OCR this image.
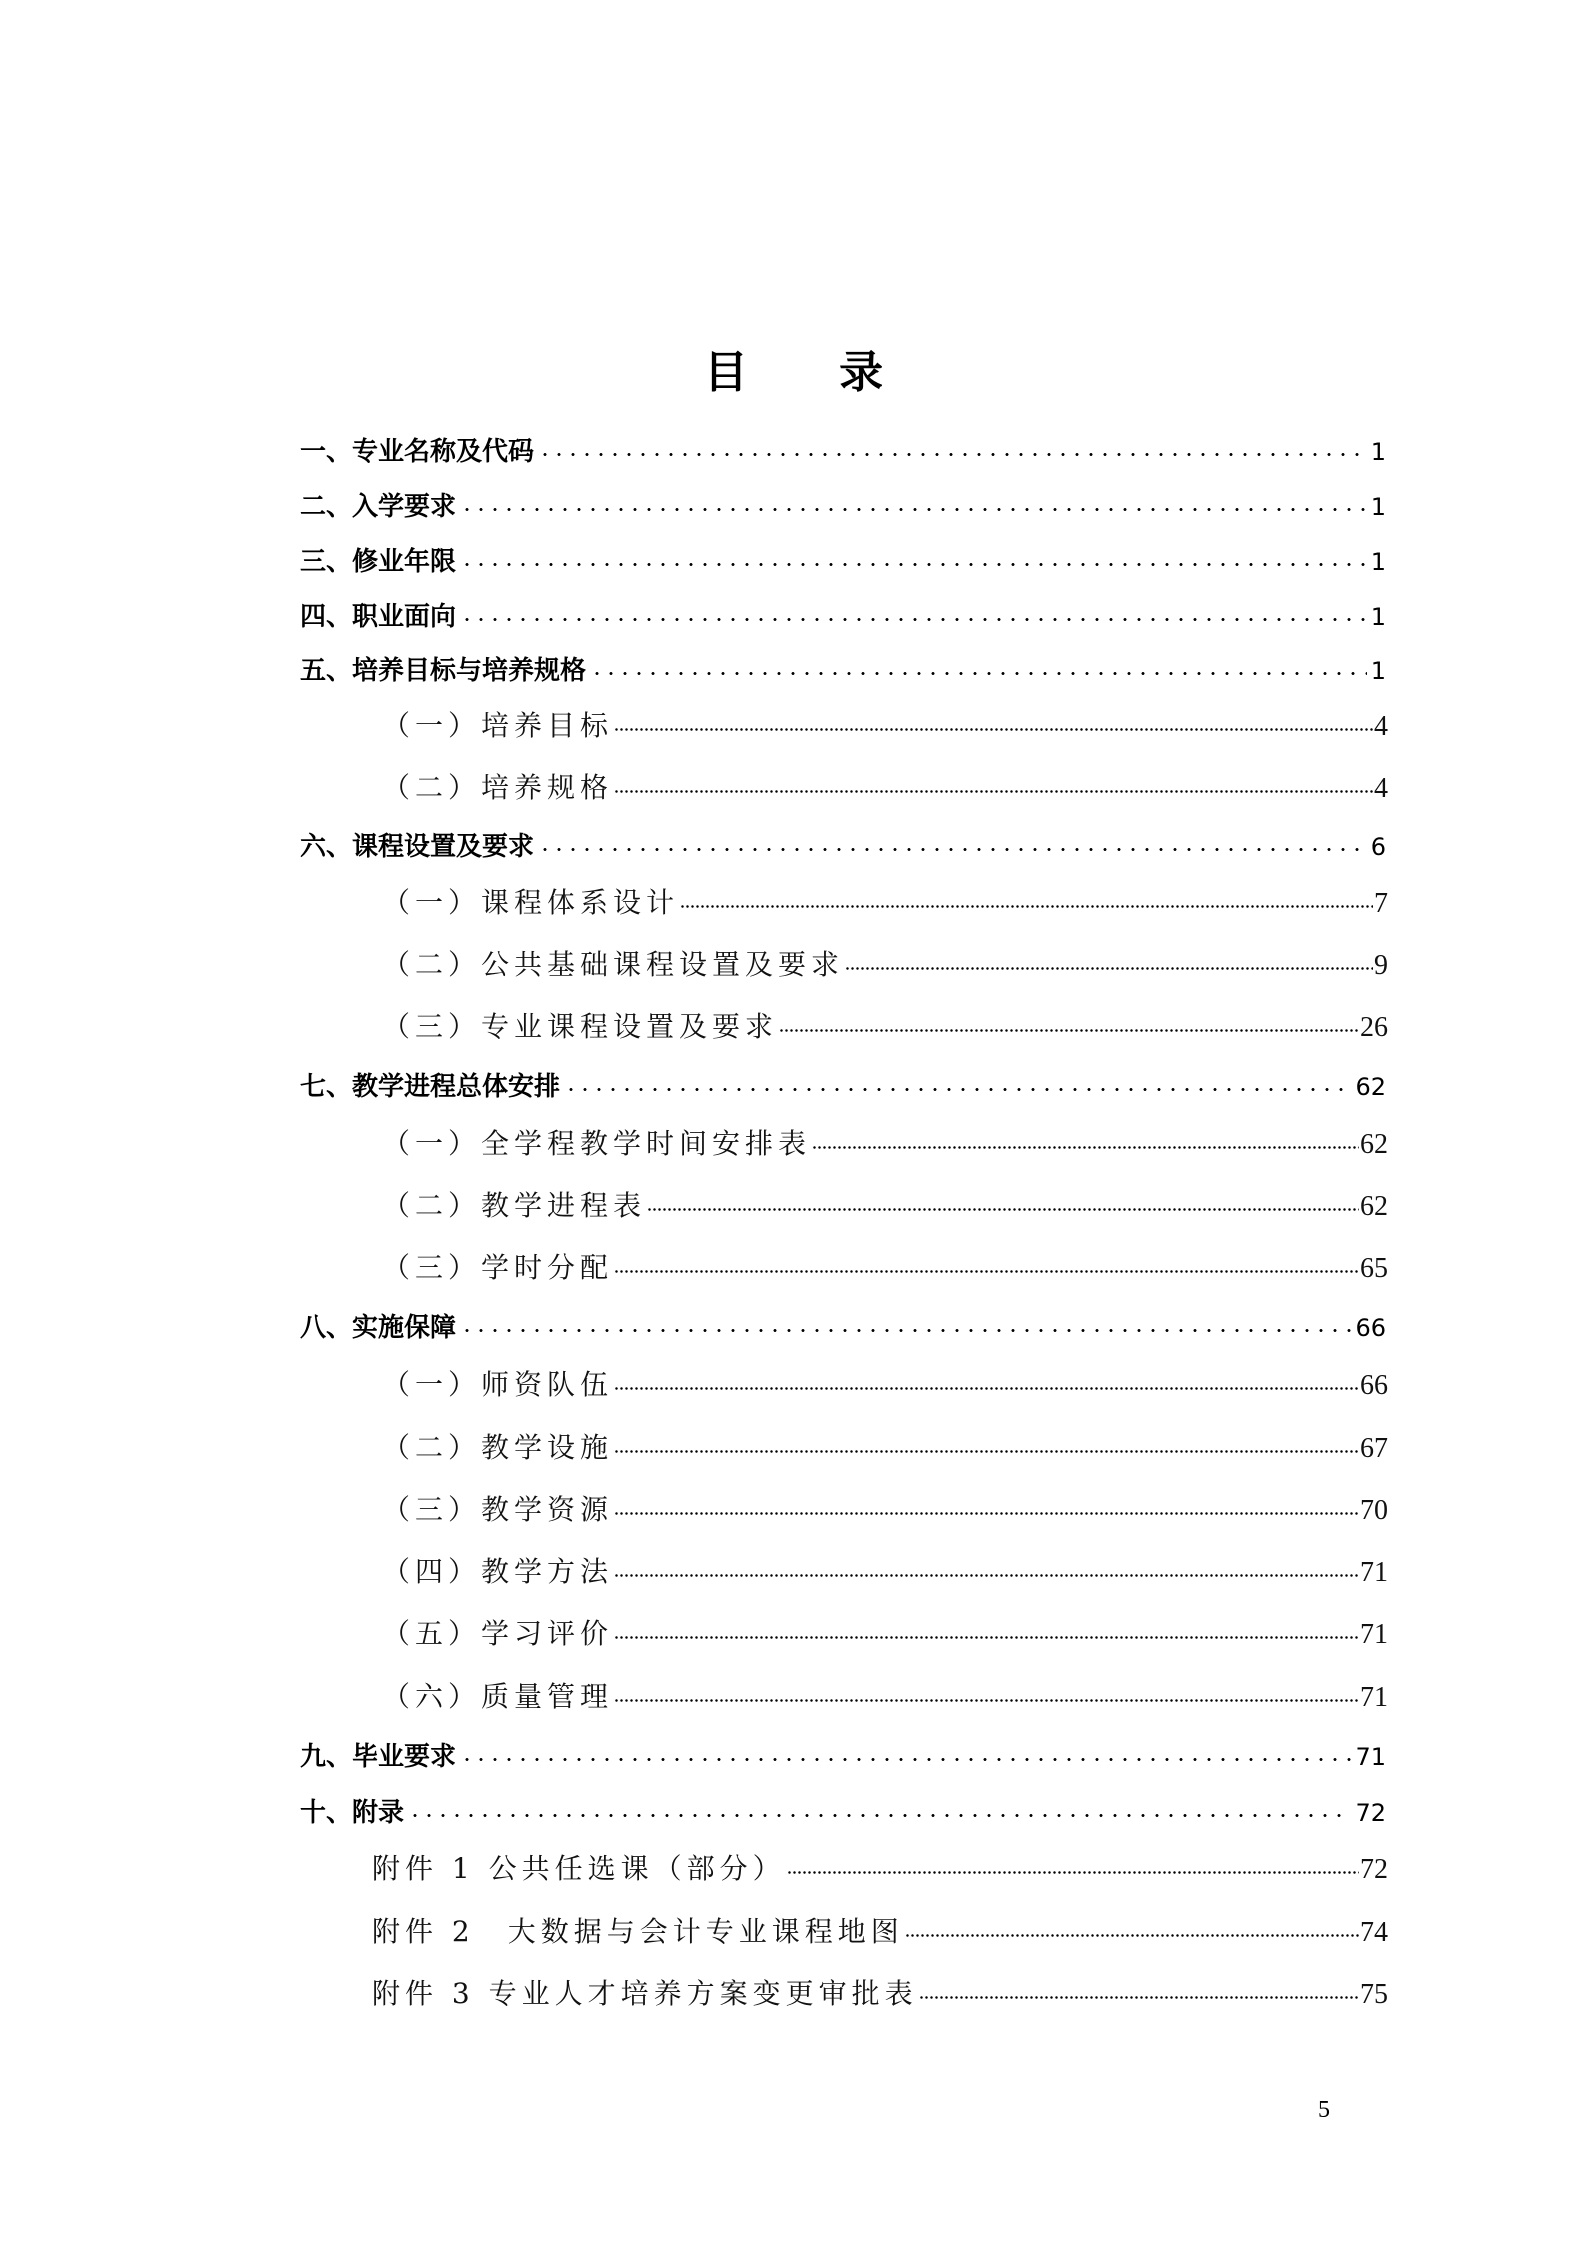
目 录
一、专业名称及代码	1
二、入学要求	1
三、修业年限	1
四、职业面向	1
五、培养目标与培养规格	1
（一）培养目标	4
（二）培养规格	4
六、课程设置及要求	6
（一）课程体系设计	7
（二）公共基础课程设置及要求	9
（三）专业课程设置及要求	26
七、教学进程总体安排	62
（一）全学程教学时间安排表	62
（二）教学进程表	62
（三）学时分配	65
八、实施保障	66
（一）师资队伍	66
（二）教学设施	67
（三）教学资源	70
（四）教学方法	71
（五）学习评价	71
（六）质量管理	71
九、毕业要求	71
十、附录	72
附件 1 公共任选课（部分）	72
附件 2　大数据与会计专业课程地图	74
附件 3 专业人才培养方案变更审批表	75
5
